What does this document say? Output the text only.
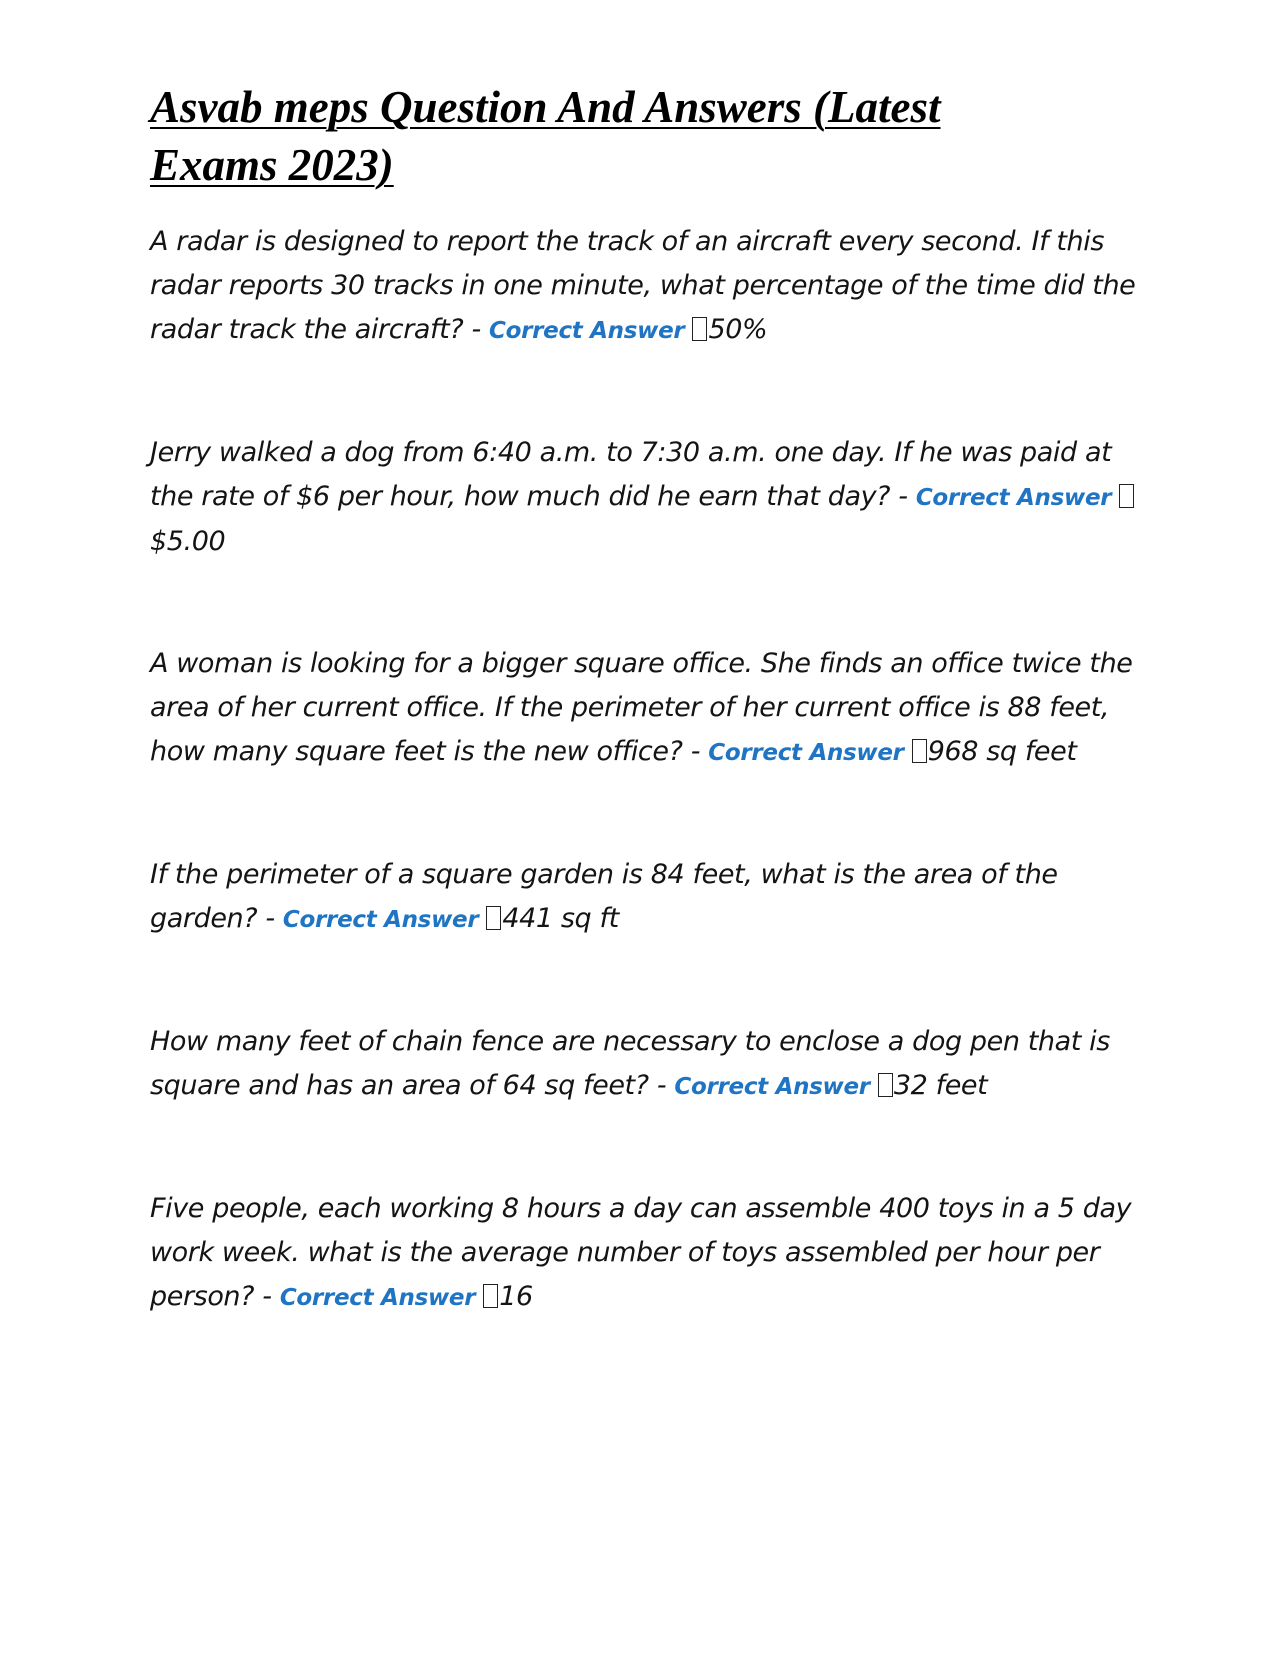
Asvab meps Question And Answers (Latest Exams 2023)

A radar is designed to report the track of an aircraft every second. If this radar reports 30 tracks in one minute, what percentage of the time did the radar track the aircraft? - Correct Answer 50%

Jerry walked a dog from 6:40 a.m. to 7:30 a.m. one day. If he was paid at the rate of $6 per hour, how much did he earn that day? - Correct Answer$5.00

A woman is looking for a bigger square office. She finds an office twice the area of her current office. If the perimeter of her current office is 88 feet, how many square feet is the new office? - Correct Answer 968 sq feet

If the perimeter of a square garden is 84 feet, what is the area of the garden? - Correct Answer 441 sq ft

How many feet of chain fence are necessary to enclose a dog pen that is square and has an area of 64 sq feet? - Correct Answer 32 feet

Five people, each working 8 hours a day can assemble 400 toys in a 5 day work week. what is the average number of toys assembled per hour per person? - Correct Answer 16
